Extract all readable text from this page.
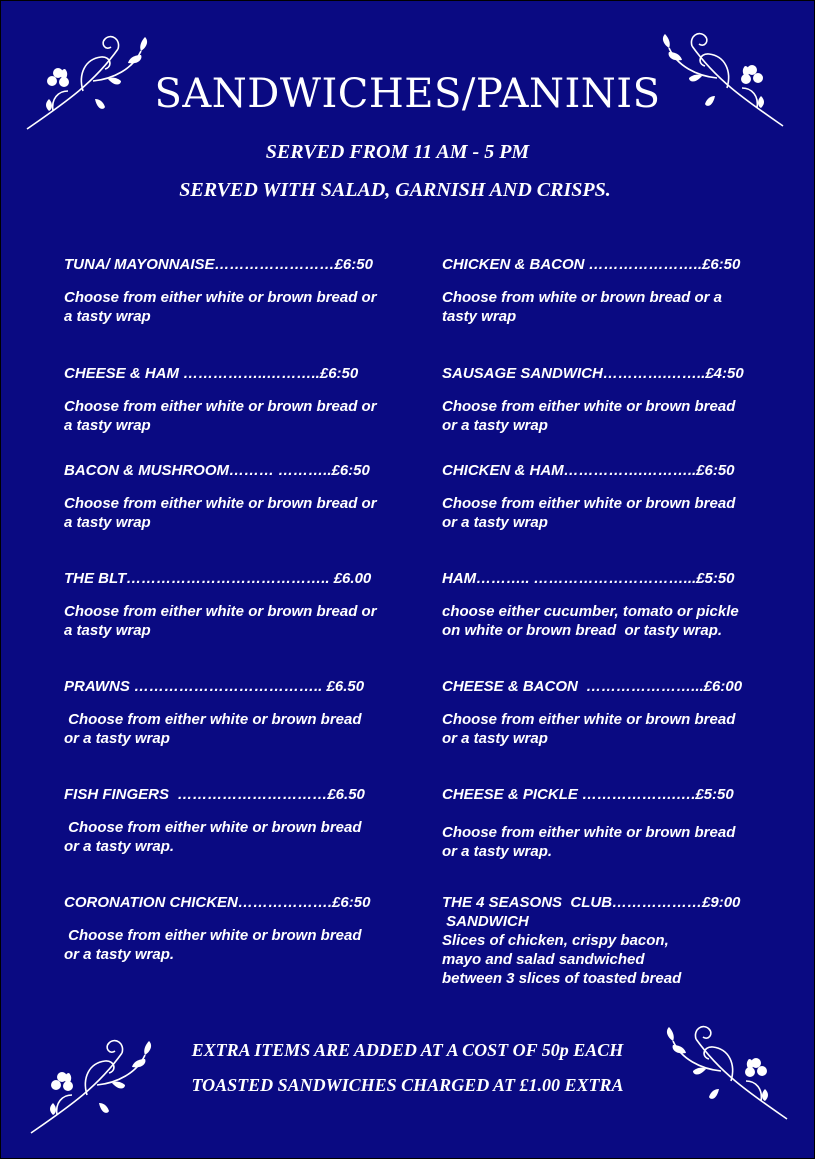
SANDWICHES/PANINIS
SERVED FROM 11 AM - 5 PM
SERVED WITH SALAD, GARNISH AND CRISPS.
TUNA/ MAYONNAISE……………………£6:50
Choose from either white or brown bread or
a tasty wrap
CHEESE & HAM ……………..………..£6:50
Choose from either white or brown bread or
a tasty wrap
BACON & MUSHROOM……… ………..£6:50
Choose from either white or brown bread or
a tasty wrap
THE BLT………………………………….. £6.00
Choose from either white or brown bread or
a tasty wrap
PRAWNS ……………………………….. £6.50
Choose from either white or brown bread
or a tasty wrap
FISH FINGERS  …………………………£6.50
Choose from either white or brown bread
or a tasty wrap.
CORONATION CHICKEN……………….£6:50
Choose from either white or brown bread
or a tasty wrap.
CHICKEN & BACON …………………..£6:50
Choose from white or brown bread or a
tasty wrap
SAUSAGE SANDWICH………….……..£4:50
Choose from either white or brown bread
or a tasty wrap
CHICKEN & HAM…………….………..£6:50
Choose from either white or brown bread
or a tasty wrap
HAM……….. …………………………...£5:50
choose either cucumber, tomato or pickle
on white or brown bread  or tasty wrap.
CHEESE & BACON  …………………...£6:00
Choose from either white or brown bread
or a tasty wrap
CHEESE & PICKLE ……………….….£5:50
Choose from either white or brown bread
or a tasty wrap.
THE 4 SEASONS  CLUB………………£9:00
SANDWICH
Slices of chicken, crispy bacon,
mayo and salad sandwiched
between 3 slices of toasted bread
EXTRA ITEMS ARE ADDED AT A COST OF 50p EACH
TOASTED SANDWICHES CHARGED AT £1.00 EXTRA
